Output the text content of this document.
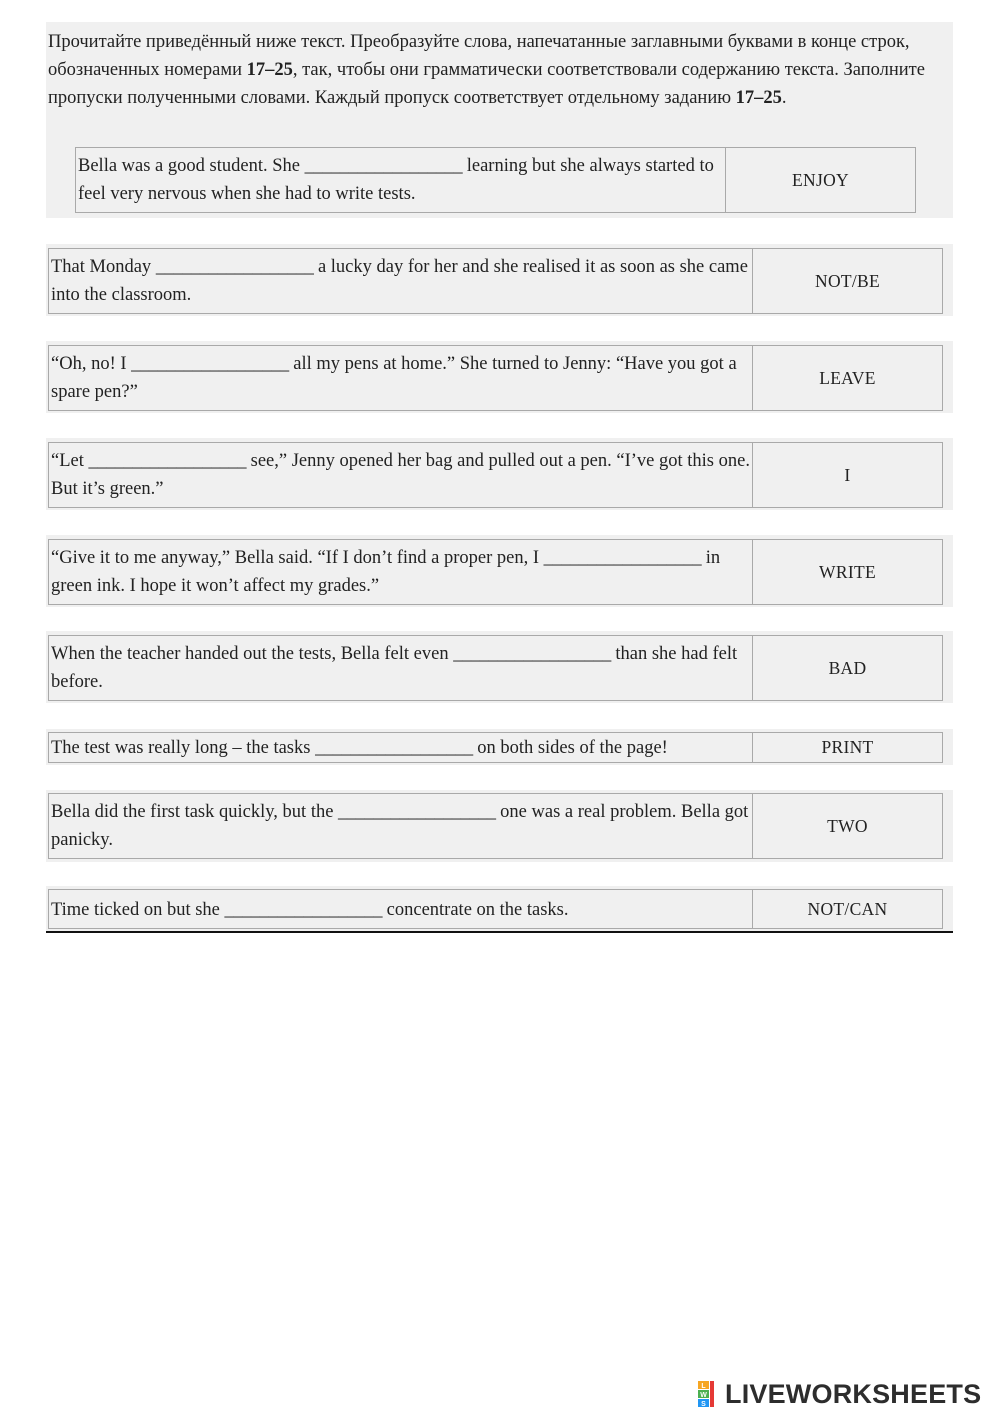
Прочитайте приведённый ниже текст. Преобразуйте слова, напечатанные заглавными буквами в конце строк, обозначенных номерами 17–25, так, чтобы они грамматически соответствовали содержанию текста. Заполните пропуски полученными словами. Каждый пропуск соответствует отдельному заданию 17–25.

Bella was a good student. She __________________ learning but she always started to feel very nervous when she had to write tests.
ENJOY
That Monday __________________ a lucky day for her and she realised it as soon as she came into the classroom.
NOT/BE
“Oh, no! I __________________ all my pens at home.” She turned to Jenny: “Have you got a spare pen?”
LEAVE
“Let __________________ see,” Jenny opened her bag and pulled out a pen. “I’ve got this one. But it’s green.”
I
“Give it to me anyway,” Bella said. “If I don’t find a proper pen, I __________________ in green ink. I hope it won’t affect my grades.”
WRITE
When the teacher handed out the tests, Bella felt even __________________ than she had felt before.
BAD
The test was really long – the tasks __________________ on both sides of the page!	PRINT
Bella did the first task quickly, but the __________________ one was a real problem. Bella got panicky.
TWO
Time ticked on but she __________________ concentrate on the tasks.	NOT/CAN
L
W
S LIVEWORKSHEETS
